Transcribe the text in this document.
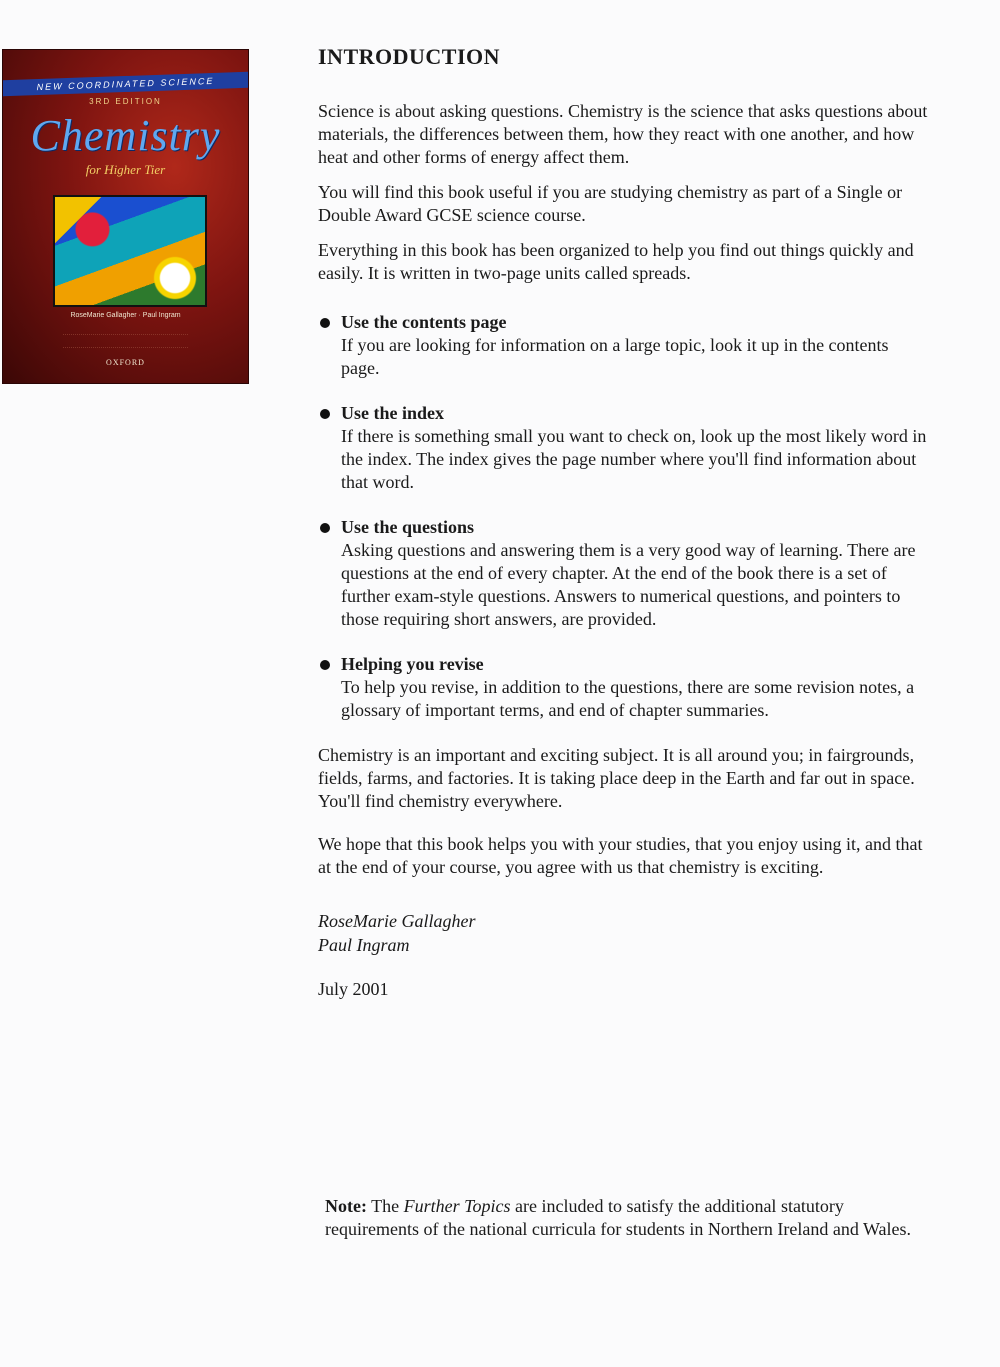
NEW COORDINATED SCIENCE
3RD EDITION
Chemistry
for Higher Tier
RoseMarie Gallagher · Paul Ingram
OXFORD
INTRODUCTION

Science is about asking questions. Chemistry is the science that asks questions about materials, the differences between them, how they react with one another, and how heat and other forms of energy affect them.

You will find this book useful if you are studying chemistry as part of a Single or Double Award GCSE science course.

Everything in this book has been organized to help you find out things quickly and easily. It is written in two-page units called spreads.

Use the contents page
If you are looking for information on a large topic, look it up in the contents page.
Use the index
If there is something small you want to check on, look up the most likely word in the index. The index gives the page number where you'll find information about that word.
Use the questions
Asking questions and answering them is a very good way of learning. There are questions at the end of every chapter. At the end of the book there is a set of further exam-style questions. Answers to numerical questions, and pointers to those requiring short answers, are provided.
Helping you revise
To help you revise, in addition to the questions, there are some revision notes, a glossary of important terms, and end of chapter summaries.

Chemistry is an important and exciting subject. It is all around you; in fairgrounds, fields, farms, and factories. It is taking place deep in the Earth and far out in space. You'll find chemistry everywhere.

We hope that this book helps you with your studies, that you enjoy using it, and that at the end of your course, you agree with us that chemistry is exciting.

RoseMarie Gallagher
Paul Ingram
July 2001
Note: The Further Topics are included to satisfy the additional statutory requirements of the national curricula for students in Northern Ireland and Wales.
